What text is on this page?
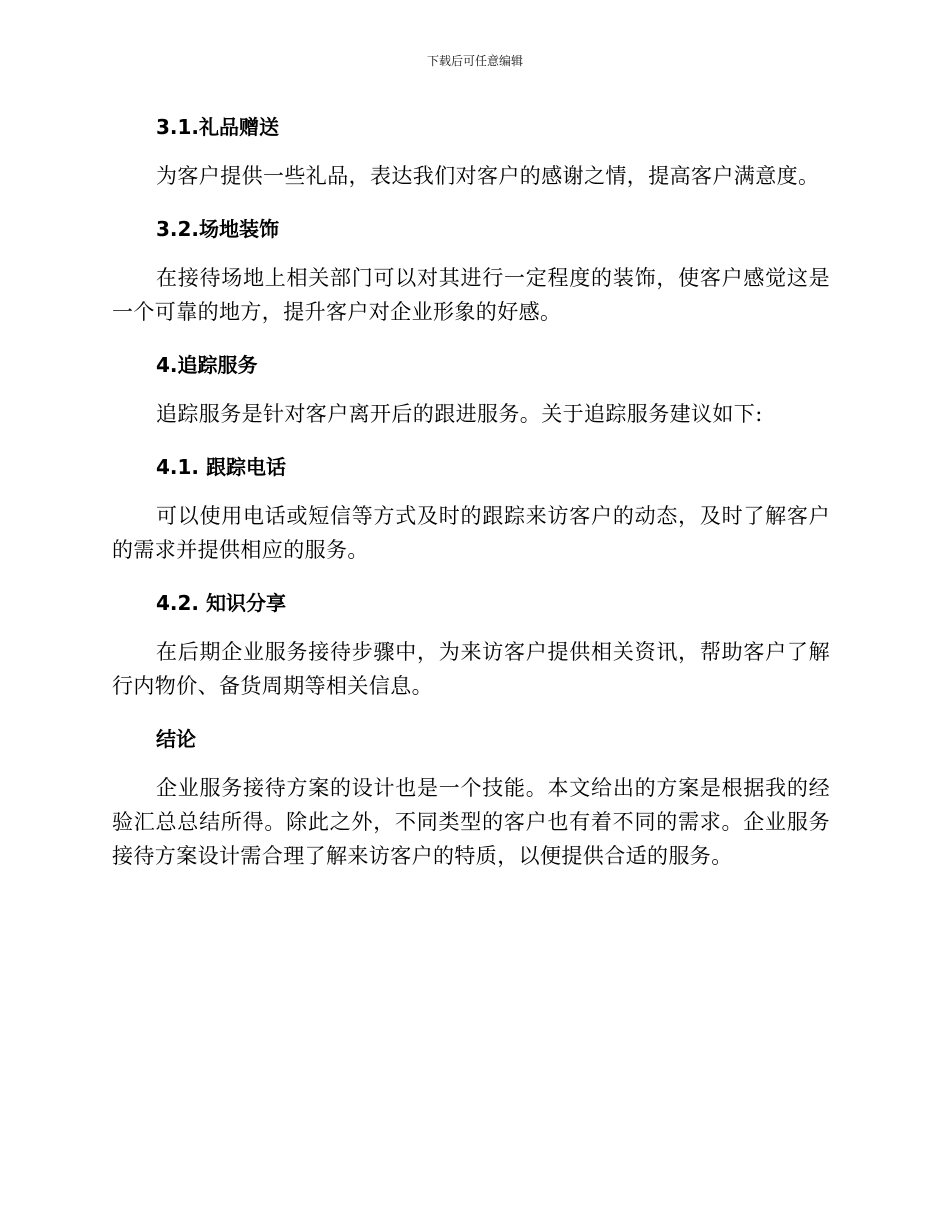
下载后可任意编辑
3.1.礼品赠送

为客户提供一些礼品，表达我们对客户的感谢之情，提高客户满意度。

3.2.场地装饰

在接待场地上相关部门可以对其进行一定程度的装饰，使客户感觉这是一个可靠的地方，提升客户对企业形象的好感。

4.追踪服务

追踪服务是针对客户离开后的跟进服务。关于追踪服务建议如下:

4.1. 跟踪电话

可以使用电话或短信等方式及时的跟踪来访客户的动态，及时了解客户的需求并提供相应的服务。

4.2. 知识分享

在后期企业服务接待步骤中，为来访客户提供相关资讯，帮助客户了解行内物价、备货周期等相关信息。

结论

企业服务接待方案的设计也是一个技能。本文给出的方案是根据我的经验汇总总结所得。除此之外，不同类型的客户也有着不同的需求。企业服务接待方案设计需合理了解来访客户的特质，以便提供合适的服务。
